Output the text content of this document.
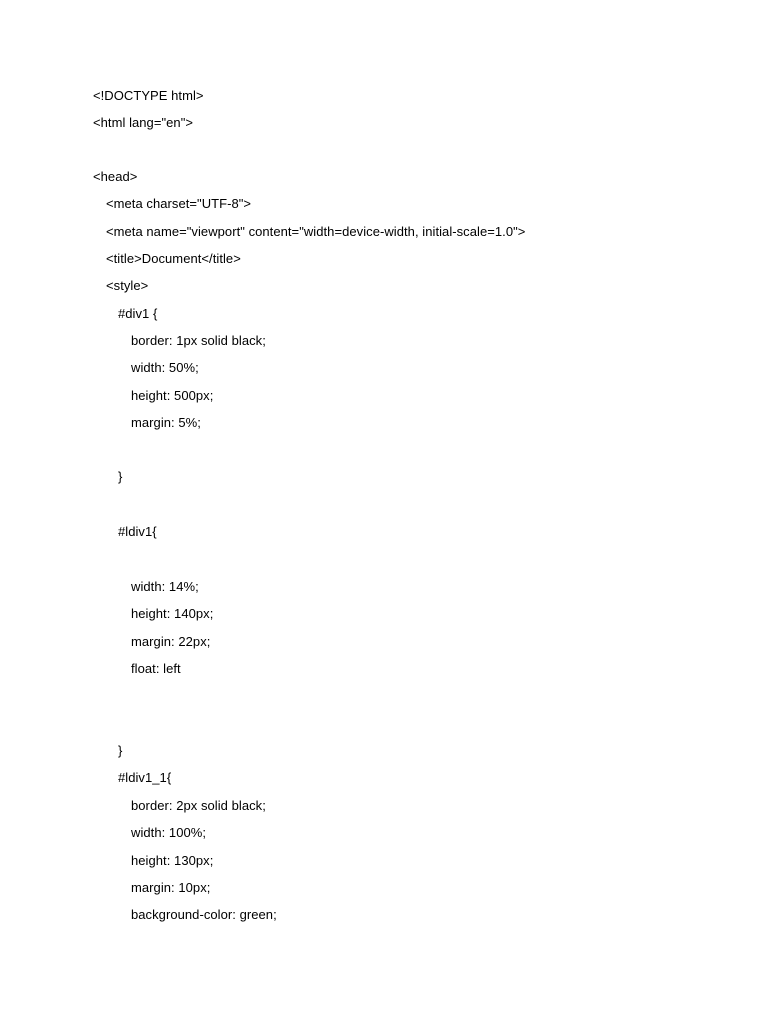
<!DOCTYPE html>
<html lang="en">
<head>
<meta charset="UTF-8">
<meta name="viewport" content="width=device-width, initial-scale=1.0">
<title>Document</title>
<style>
#div1 {
border: 1px solid black;
width: 50%;
height: 500px;
margin: 5%;
}
#ldiv1{
width: 14%;
height: 140px;
margin: 22px;
float: left
}
#ldiv1_1{
border: 2px solid black;
width: 100%;
height: 130px;
margin: 10px;
background-color: green;
